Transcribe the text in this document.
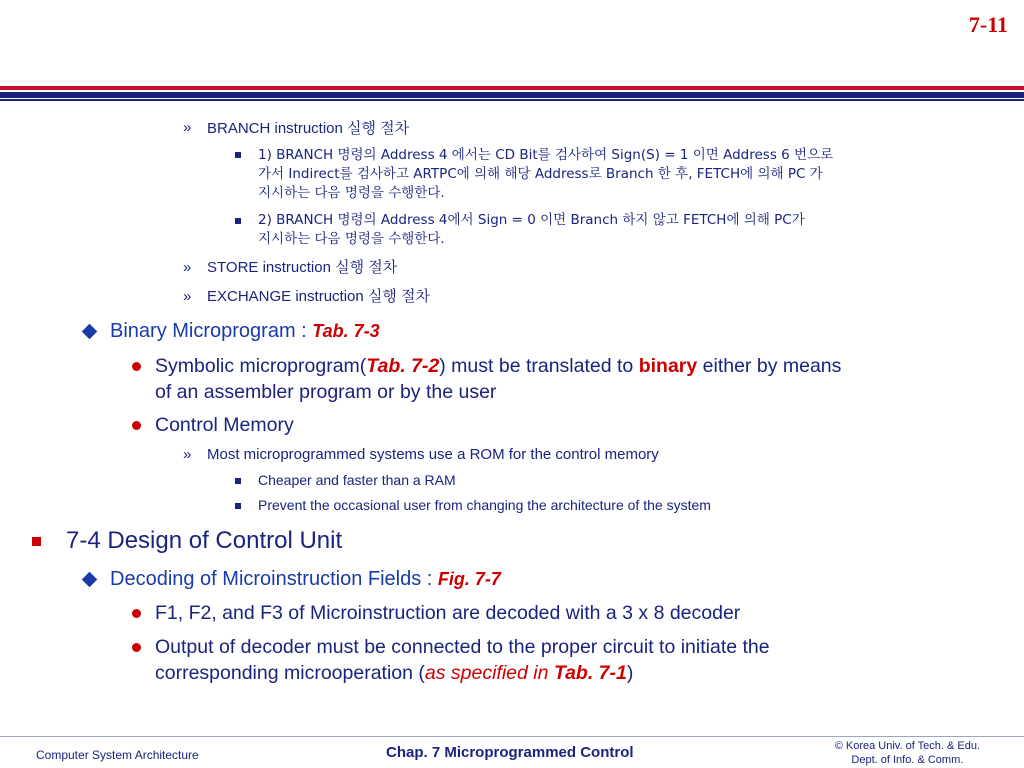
7-11
» BRANCH instruction 실행 절차
1) BRANCH 명령의 Address 4 에서는 CD Bit를 검사하여 Sign(S) = 1 이면 Address 6 번으로
가서 Indirect를 검사하고 ARTPC에 의해 해당 Address로 Branch 한 후, FETCH에 의해 PC 가
지시하는 다음 명령을 수행한다.
2) BRANCH 명령의 Address 4에서 Sign = 0 이면 Branch 하지 않고 FETCH에 의해 PC가
지시하는 다음 명령을 수행한다.
» STORE instruction 실행 절차
» EXCHANGE instruction 실행 절차
Binary Microprogram : Tab. 7-3
Symbolic microprogram(Tab. 7-2) must be translated to binary either by means
of an assembler program or by the user
Control Memory
» Most microprogrammed systems use a ROM for the control memory
Cheaper and faster than a RAM
Prevent the occasional user from changing the architecture of the system
7-4 Design of Control Unit
Decoding of Microinstruction Fields : Fig. 7-7
F1, F2, and F3 of Microinstruction are decoded with a 3 x 8 decoder
Output of decoder must be connected to the proper circuit to initiate the
corresponding microoperation (as specified in Tab. 7-1)
Computer System Architecture	Chap. 7 Microprogrammed Control	© Korea Univ. of Tech. & Edu.
Dept. of Info. & Comm.
